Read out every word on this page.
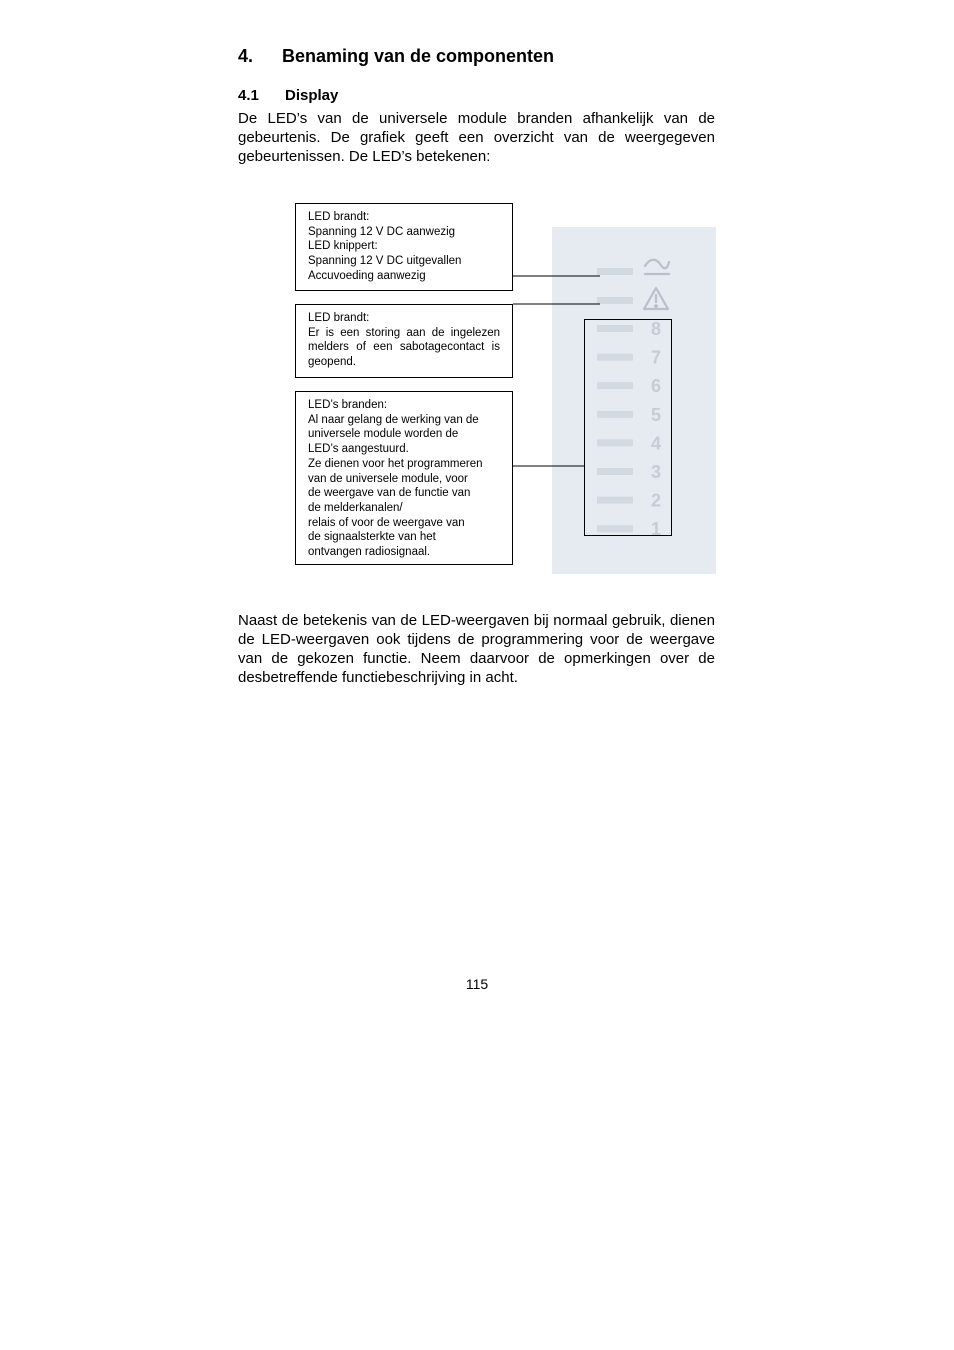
4. Benaming van de componenten
4.1 Display

De LED’s van de universele module branden afhankelijk van de gebeurtenis. De grafiek geeft een overzicht van de weergegeven gebeurtenissen. De LED’s betekenen:

8
7
6
5
4
3
2
1
LED brandt:
Spanning 12 V DC aanwezig
LED knippert:
Spanning 12 V DC uitgevallen
Accuvoeding aanwezig
LED brandt:
Er is een storing aan de ingelezen melders of een sabotagecontact is geopend.
LED’s branden:
Al naar gelang de werking van de
universele module worden de
LED’s aangestuurd.
Ze dienen voor het programmeren
van de universele module, voor
de weergave van de functie van
de melderkanalen/
relais of voor de weergave van
de signaalsterkte van het
ontvangen radiosignaal.

Naast de betekenis van de LED-weergaven bij normaal gebruik, dienen de LED-weergaven ook tijdens de programmering voor de weergave van de gekozen functie. Neem daarvoor de opmerkingen over de desbetreffende functiebeschrijving in acht.

115
